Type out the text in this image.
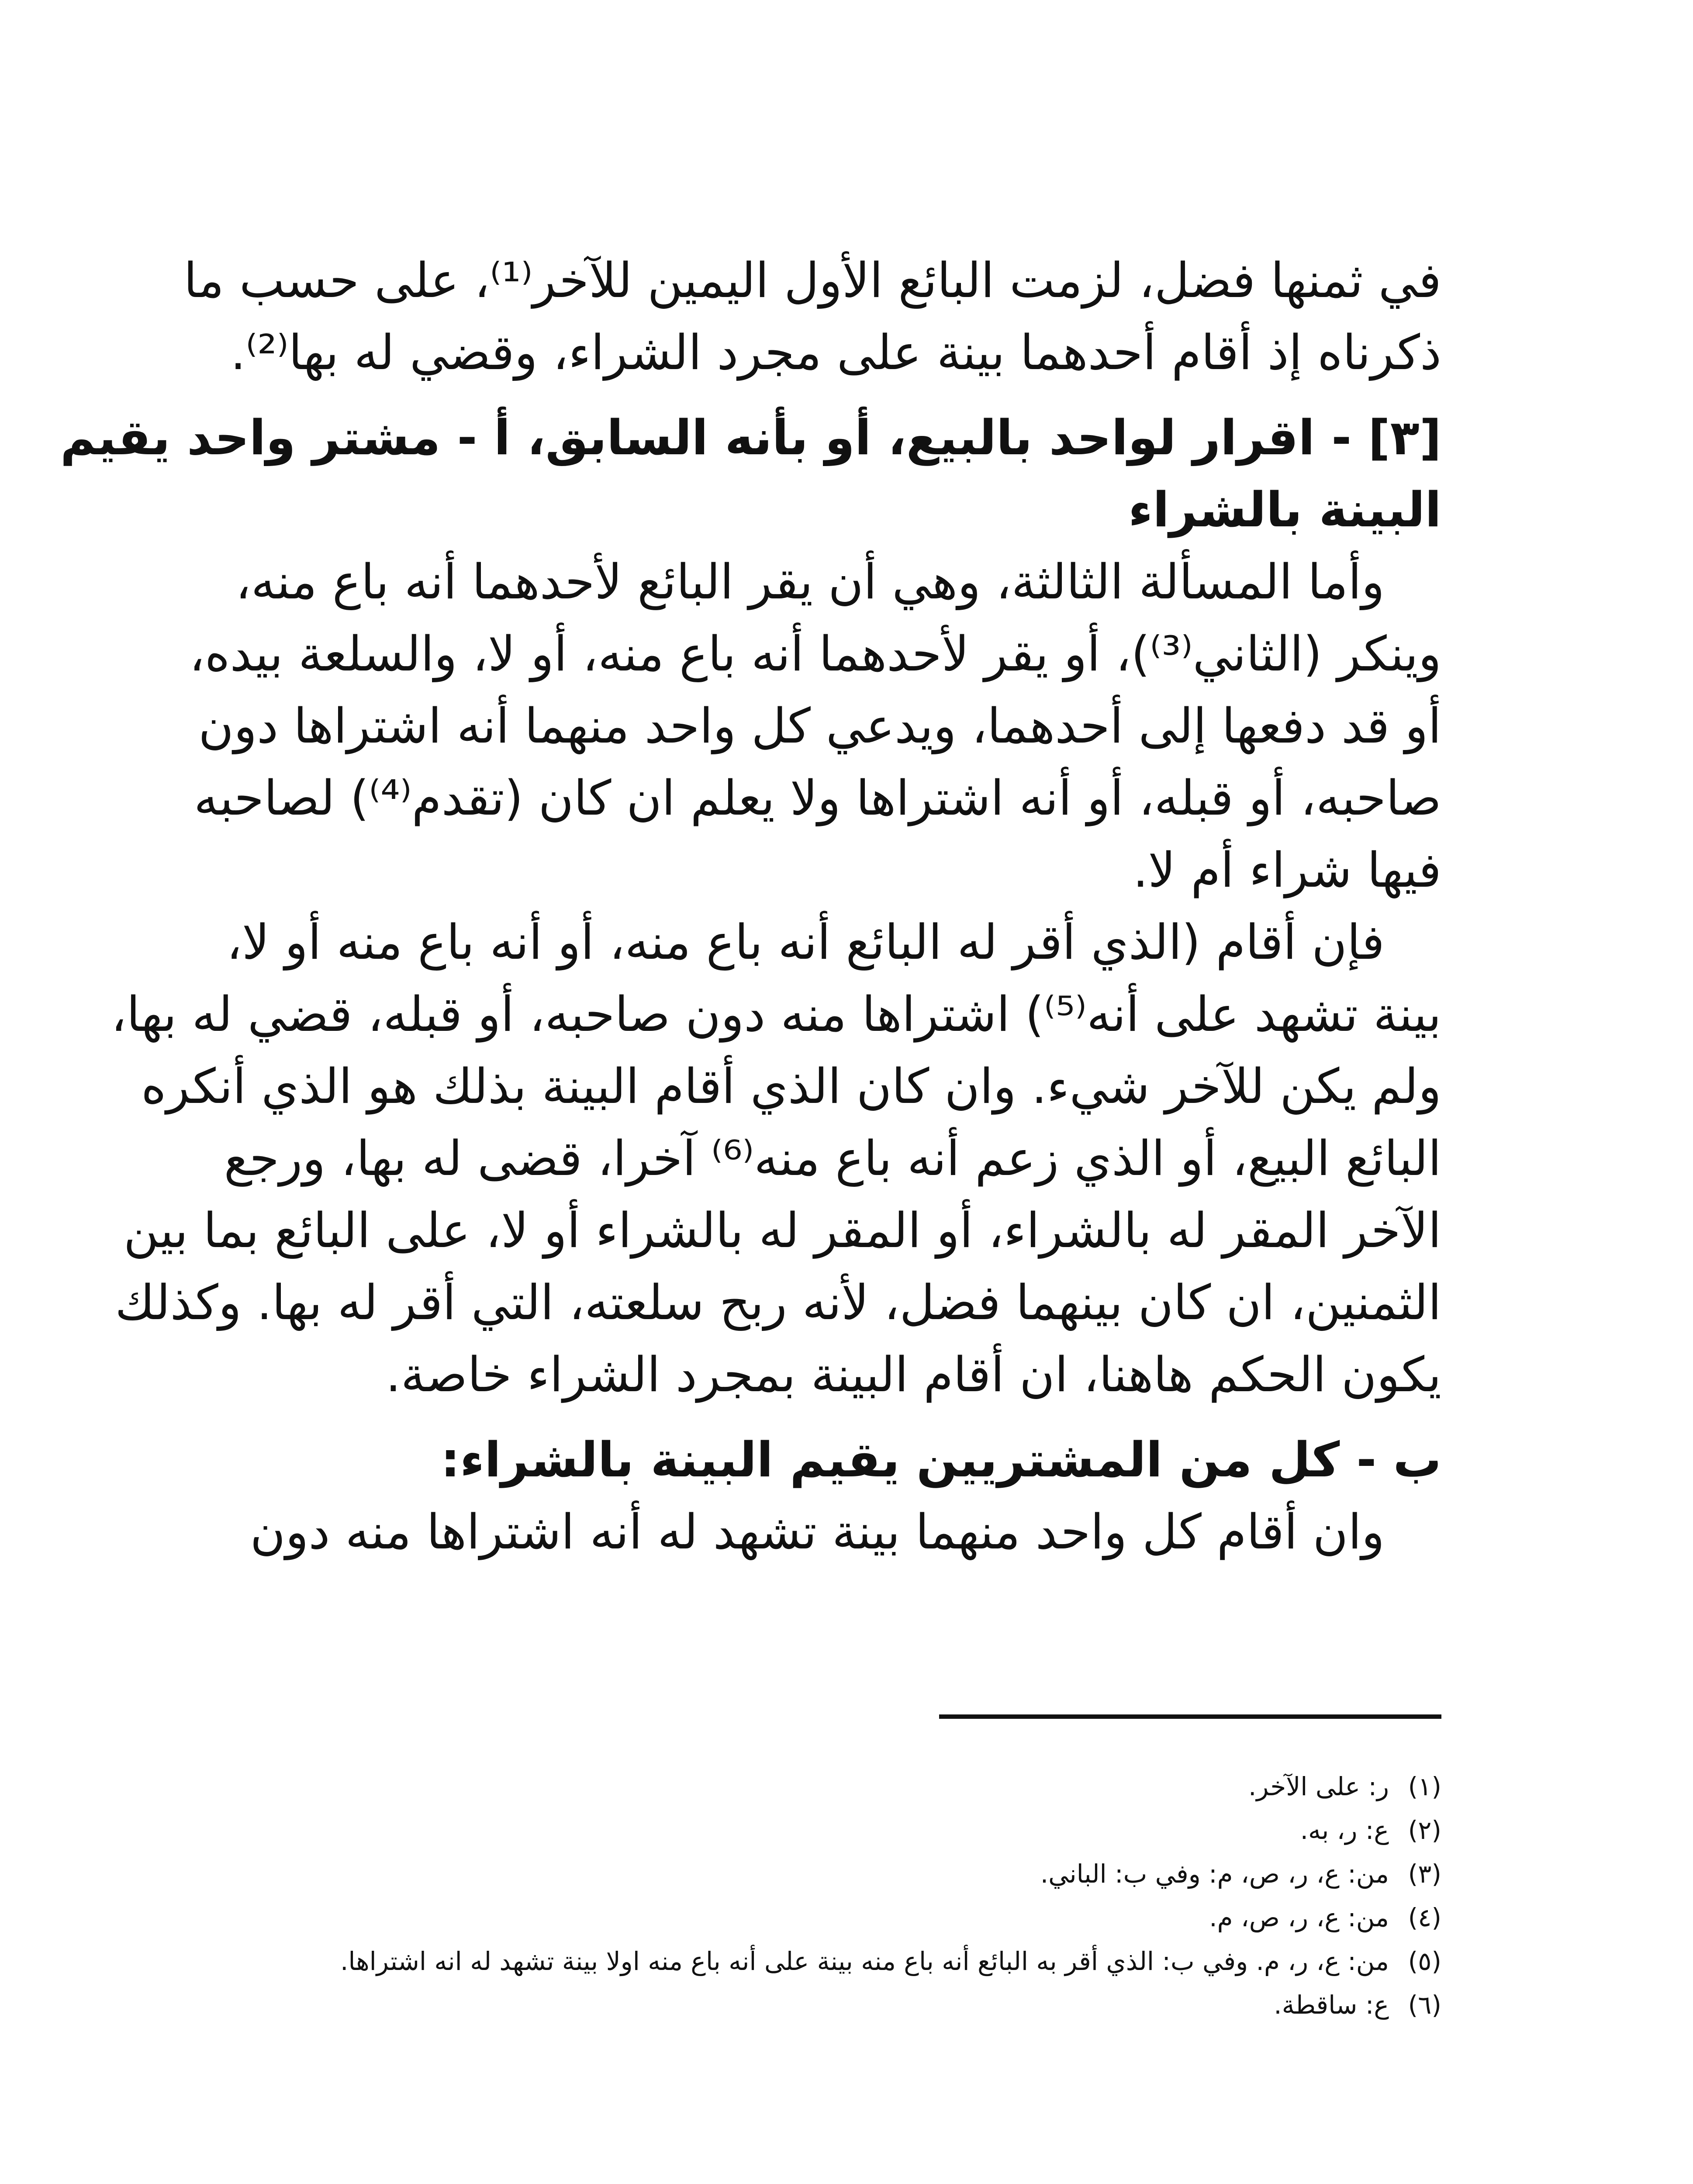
في ثمنها فضل، لزمت البائع الأول اليمين للآخر⁽¹⁾، على حسب ما
ذكرناه إذ أقام أحدهما بينة على مجرد الشراء، وقضي له بها⁽²⁾.
[٣] - اقرار لواحد بالبيع، أو بأنه السابق، أ - مشتر واحد يقيم
البينة بالشراء
وأما المسألة الثالثة، وهي أن يقر البائع لأحدهما أنه باع منه،
وينكر (الثاني⁽³⁾)، أو يقر لأحدهما أنه باع منه، أو لا، والسلعة بيده،
أو قد دفعها إلى أحدهما، ويدعي كل واحد منهما أنه اشتراها دون
صاحبه، أو قبله، أو أنه اشتراها ولا يعلم ان كان (تقدم⁽⁴⁾) لصاحبه
فيها شراء أم لا.
فإن أقام (الذي أقر له البائع أنه باع منه، أو أنه باع منه أو لا،
بينة تشهد على أنه⁽⁵⁾) اشتراها منه دون صاحبه، أو قبله، قضي له بها،
ولم يكن للآخر شيء. وان كان الذي أقام البينة بذلك هو الذي أنكره
البائع البيع، أو الذي زعم أنه باع منه⁽⁶⁾ آخرا، قضى له بها، ورجع
الآخر المقر له بالشراء، أو المقر له بالشراء أو لا، على البائع بما بين
الثمنين، ان كان بينهما فضل، لأنه ربح سلعته، التي أقر له بها. وكذلك
يكون الحكم هاهنا، ان أقام البينة بمجرد الشراء خاصة.
ب - كل من المشتريين يقيم البينة بالشراء:
وان أقام كل واحد منهما بينة تشهد له أنه اشتراها منه دون
(١)
ر: على الآخر.
(٢)
ع: ر، به.
(٣)
من: ع، ر، ص، م: وفي ب: الباني.
(٤)
من: ع، ر، ص، م.
(٥)
من: ع، ر، م. وفي ب: الذي أقر به البائع أنه باع منه بينة على أنه باع منه اولا بينة تشهد له انه اشتراها.
(٦)
ع: ساقطة.
